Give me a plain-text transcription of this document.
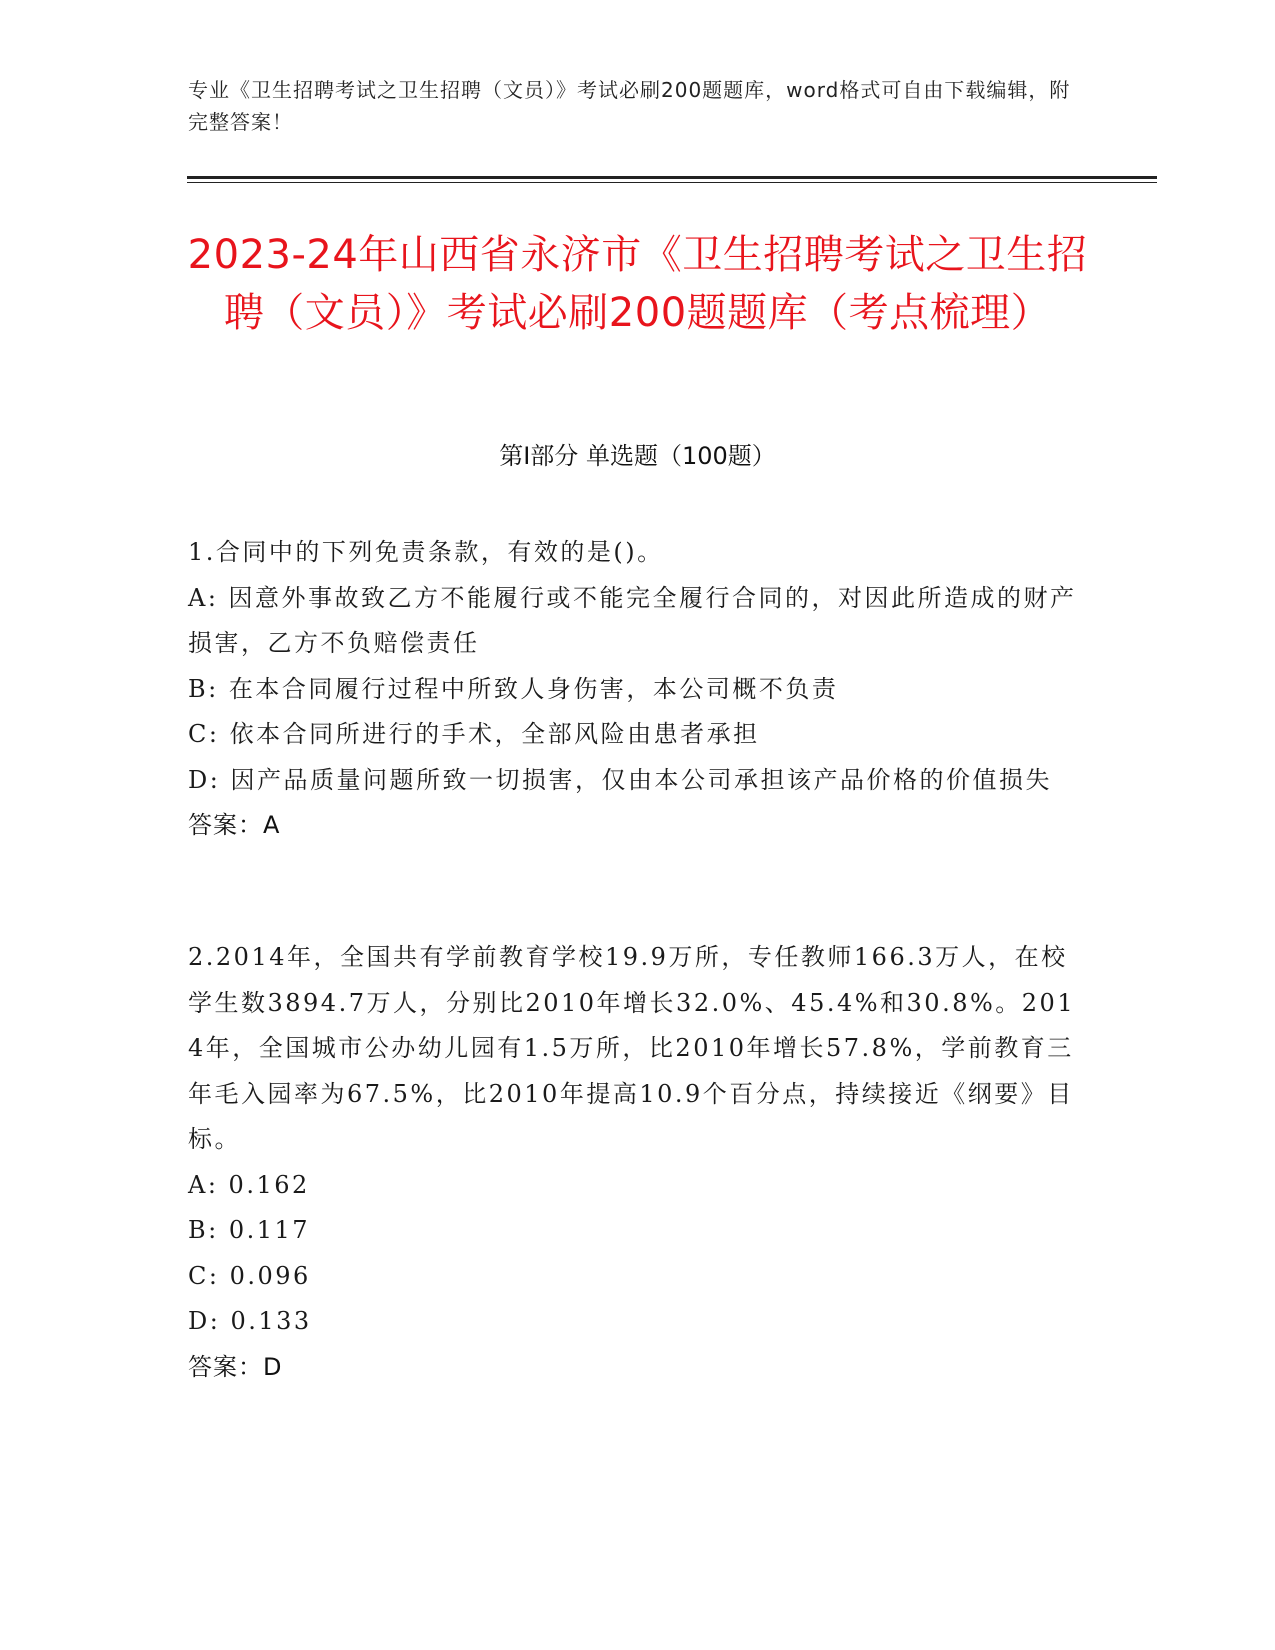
专业《卫生招聘考试之卫生招聘（文员）》考试必刷200题题库，word格式可自由下载编辑，附完整答案！
2023-24年山西省永济市《卫生招聘考试之卫生招聘（文员）》考试必刷200题题库（考点梳理）
第I部分 单选题（100题）
1.合同中的下列免责条款，有效的是()。
A: 因意外事故致乙方不能履行或不能完全履行合同的，对因此所造成的财产损害，乙方不负赔偿责任
B: 在本合同履行过程中所致人身伤害，本公司概不负责
C: 依本合同所进行的手术，全部风险由患者承担
D: 因产品质量问题所致一切损害，仅由本公司承担该产品价格的价值损失
答案：A
2.2014年，全国共有学前教育学校19.9万所，专任教师166.3万人，在校学生数3894.7万人，分别比2010年增长32.0%、45.4%和30.8%。2014年，全国城市公办幼儿园有1.5万所，比2010年增长57.8%，学前教育三年毛入园率为67.5%，比2010年提高10.9个百分点，持续接近《纲要》目标。
A: 0.162
B: 0.117
C: 0.096
D: 0.133
答案：D
